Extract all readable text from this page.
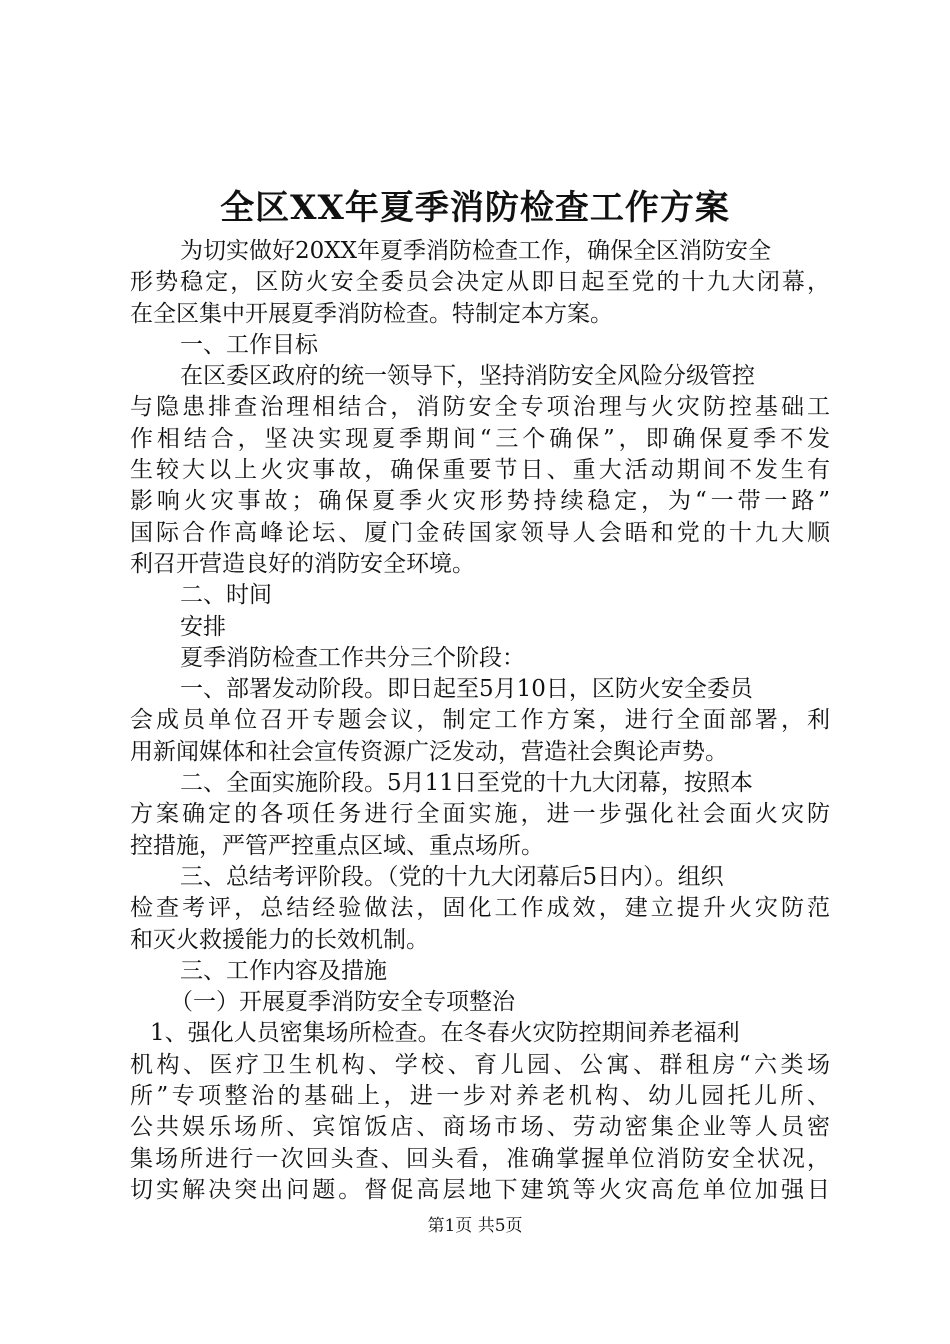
全区XX年夏季消防检查工作方案
为切实做好20XX年夏季消防检查工作，确保全区消防安全
形势稳定，区防火安全委员会决定从即日起至党的十九大闭幕，
在全区集中开展夏季消防检查。特制定本方案。
一、工作目标
在区委区政府的统一领导下，坚持消防安全风险分级管控
与隐患排查治理相结合，消防安全专项治理与火灾防控基础工
作相结合，坚决实现夏季期间“三个确保”，即确保夏季不发
生较大以上火灾事故，确保重要节日、重大活动期间不发生有
影响火灾事故；确保夏季火灾形势持续稳定，为“一带一路”
国际合作高峰论坛、厦门金砖国家领导人会晤和党的十九大顺
利召开营造良好的消防安全环境。
二、时间
安排
夏季消防检查工作共分三个阶段：
一、部署发动阶段。即日起至5月10日，区防火安全委员
会成员单位召开专题会议，制定工作方案，进行全面部署，利
用新闻媒体和社会宣传资源广泛发动，营造社会舆论声势。
二、全面实施阶段。5月11日至党的十九大闭幕，按照本
方案确定的各项任务进行全面实施，进一步强化社会面火灾防
控措施，严管严控重点区域、重点场所。
三、总结考评阶段。（党的十九大闭幕后5日内）。组织
检查考评，总结经验做法，固化工作成效，建立提升火灾防范
和灭火救援能力的长效机制。
三、工作内容及措施
（一）开展夏季消防安全专项整治
1、强化人员密集场所检查。在冬春火灾防控期间养老福利
机构、医疗卫生机构、学校、育儿园、公寓、群租房“六类场
所”专项整治的基础上，进一步对养老机构、幼儿园托儿所、
公共娱乐场所、宾馆饭店、商场市场、劳动密集企业等人员密
集场所进行一次回头查、回头看，准确掌握单位消防安全状况，
切实解决突出问题。督促高层地下建筑等火灾高危单位加强日
第1页 共5页
